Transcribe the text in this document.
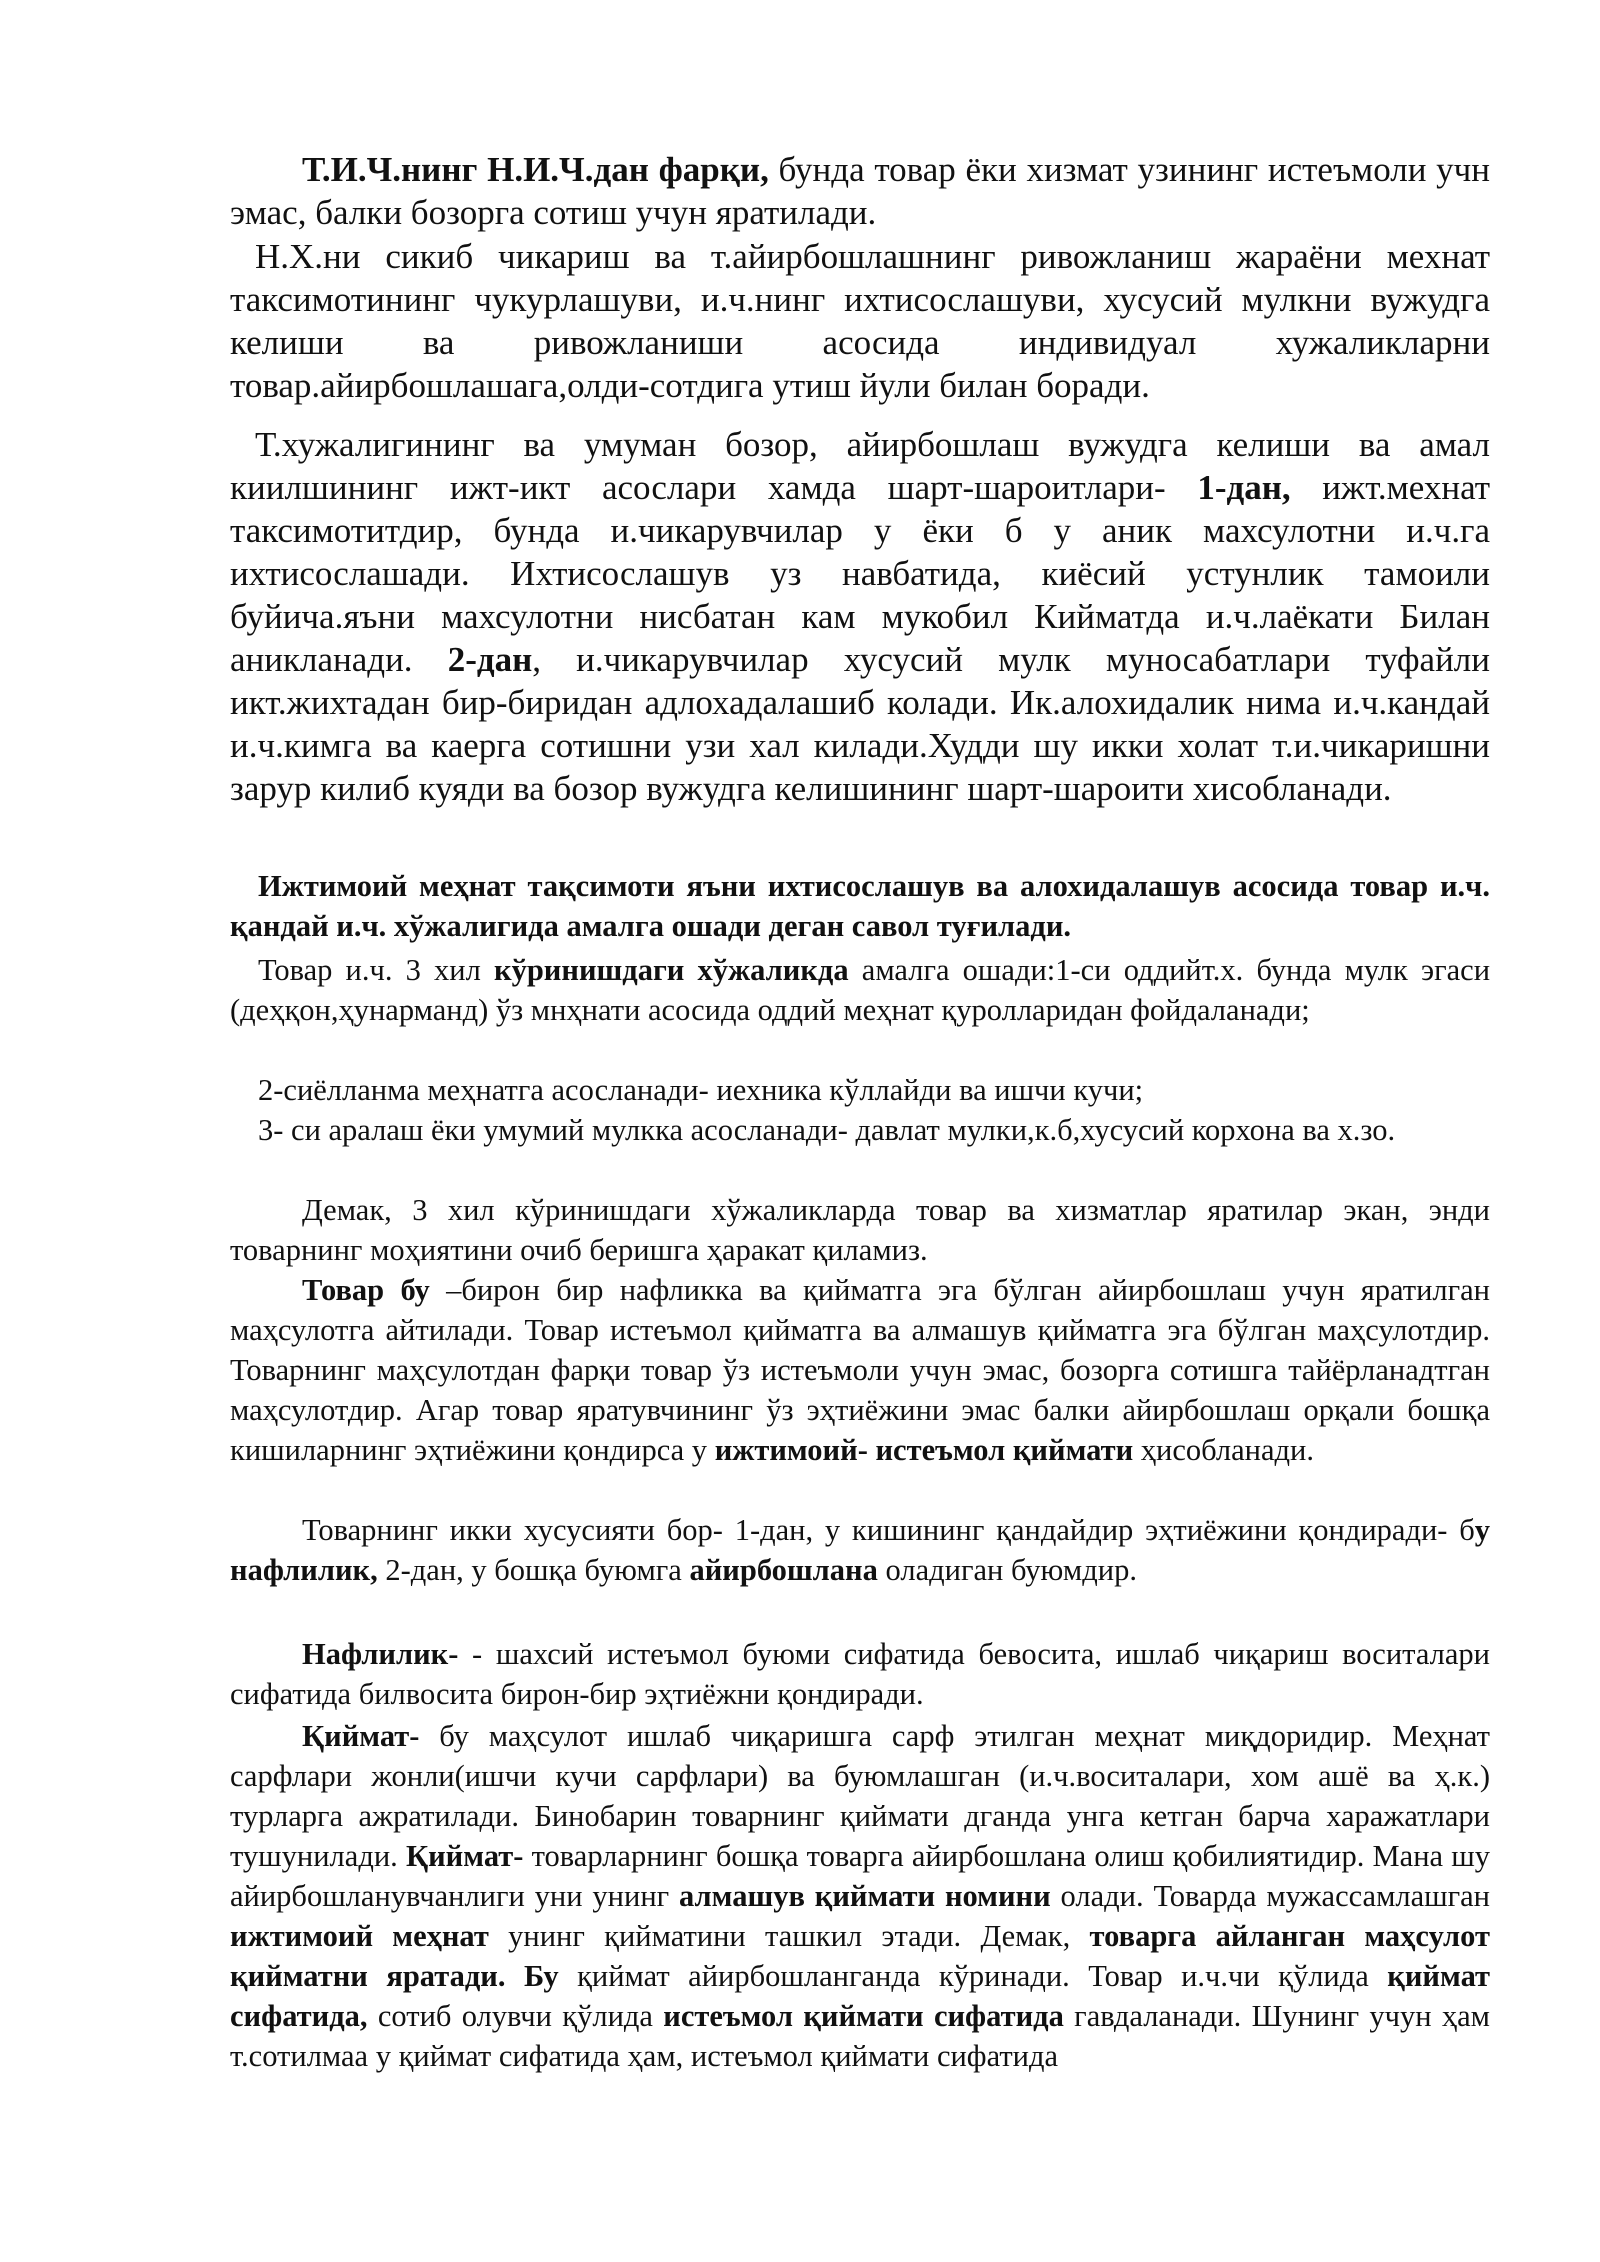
Т.И.Ч.нинг Н.И.Ч.дан фарқи, бунда товар ёки хизмат узининг истеъмоли учн эмас, балки бозорга сотиш учун яратилади.

Н.Х.ни сикиб чикариш ва т.айирбошлашнинг ривожланиш жараёни мехнат таксимотининг чукурлашуви, и.ч.нинг ихтисослашуви, хусусий мулкни вужудга келиши ва ривожланиши асосида индивидуал хужаликларни товар.айирбошлашага,олди-сотдига утиш йули билан боради.

Т.хужалигининг ва умуман бозор, айирбошлаш вужудга келиши ва амал киилшининг ижт-икт асослари хамда шарт-шароитлари- 1-дан, ижт.мехнат таксимотитдир, бунда и.чикарувчилар у ёки б у аник махсулотни и.ч.га ихтисослашади. Ихтисослашув уз навбатида, киёсий устунлик тамоили буйича.яъни махсулотни нисбатан кам мукобил Кийматда и.ч.лаёкати Билан аникланади. 2-дан, и.чикарувчилар хусусий мулк муносабатлари туфайли икт.жихтадан бир-биридан адлохадалашиб колади. Ик.алохидалик нима и.ч.кандай и.ч.кимга ва каерга сотишни узи хал килади.Худди шу икки холат т.и.чикаришни зарур килиб куяди ва бозор вужудга келишининг шарт-шароити хисобланади.

Ижтимоий меҳнат тақсимоти яъни ихтисослашув ва алохидалашув асосида товар и.ч. қандай и.ч. хўжалигида амалга ошади деган савол туғилади.

Товар и.ч. 3 хил кўринишдаги хўжаликда амалга ошади:1-си оддийт.х. бунда мулк эгаси (деҳқон,ҳунарманд) ўз мнҳнати асосида оддий меҳнат қуролларидан фойдаланади;

2-сиёлланма меҳнатга асосланади- иехника кўллайди ва ишчи кучи;

3- си аралаш ёки умумий мулкка асосланади- давлат мулки,к.б,хусусий корхона ва х.зо.

Демак, 3 хил кўринишдаги хўжаликларда товар ва хизматлар яратилар экан, энди товарнинг моҳиятини очиб беришга ҳаракат қиламиз.

Товар бу –бирон бир нафликка ва қийматга эга бўлган айирбошлаш учун яратилган маҳсулотга айтилади. Товар истеъмол қийматга ва алмашув қийматга эга бўлган маҳсулотдир. Товарнинг маҳсулотдан фарқи товар ўз истеъмоли учун эмас, бозорга сотишга тайёрланадтган маҳсулотдир. Агар товар яратувчининг ўз эҳтиёжини эмас балки айирбошлаш орқали бошқа кишиларнинг эҳтиёжини қондирса у ижтимоий- истеъмол қиймати ҳисобланади.

Товарнинг икки хусусияти бор- 1-дан, у кишининг қандайдир эҳтиёжини қондиради- бу нафлилик, 2-дан, у бошқа буюмга айирбошлана оладиган буюмдир.

Нафлилик- - шахсий истеъмол буюми сифатида бевосита, ишлаб чиқариш воситалари сифатида билвосита бирон-бир эҳтиёжни қондиради.

Қиймат- бу маҳсулот ишлаб чиқаришга сарф этилган меҳнат миқдоридир. Меҳнат сарфлари жонли(ишчи кучи сарфлари) ва буюмлашган (и.ч.воситалари, хом ашё ва ҳ.к.) турларга ажратилади. Бинобарин товарнинг қиймати дганда унга кетган барча харажатлари тушунилади. Қиймат- товарларнинг бошқа товарга айирбошлана олиш қобилиятидир. Мана шу айирбошланувчанлиги уни унинг алмашув қиймати номини олади. Товарда мужассамлашган ижтимоий меҳнат унинг қийматини ташкил этади. Демак, товарга айланган маҳсулот қийматни яратади. Бу қиймат айирбошланганда кўринади. Товар и.ч.чи қўлида қиймат сифатида, сотиб олувчи қўлида истеъмол қиймати сифатида гавдаланади. Шунинг учун ҳам т.сотилмаа у қиймат сифатида ҳам, истеъмол қиймати сифатида
